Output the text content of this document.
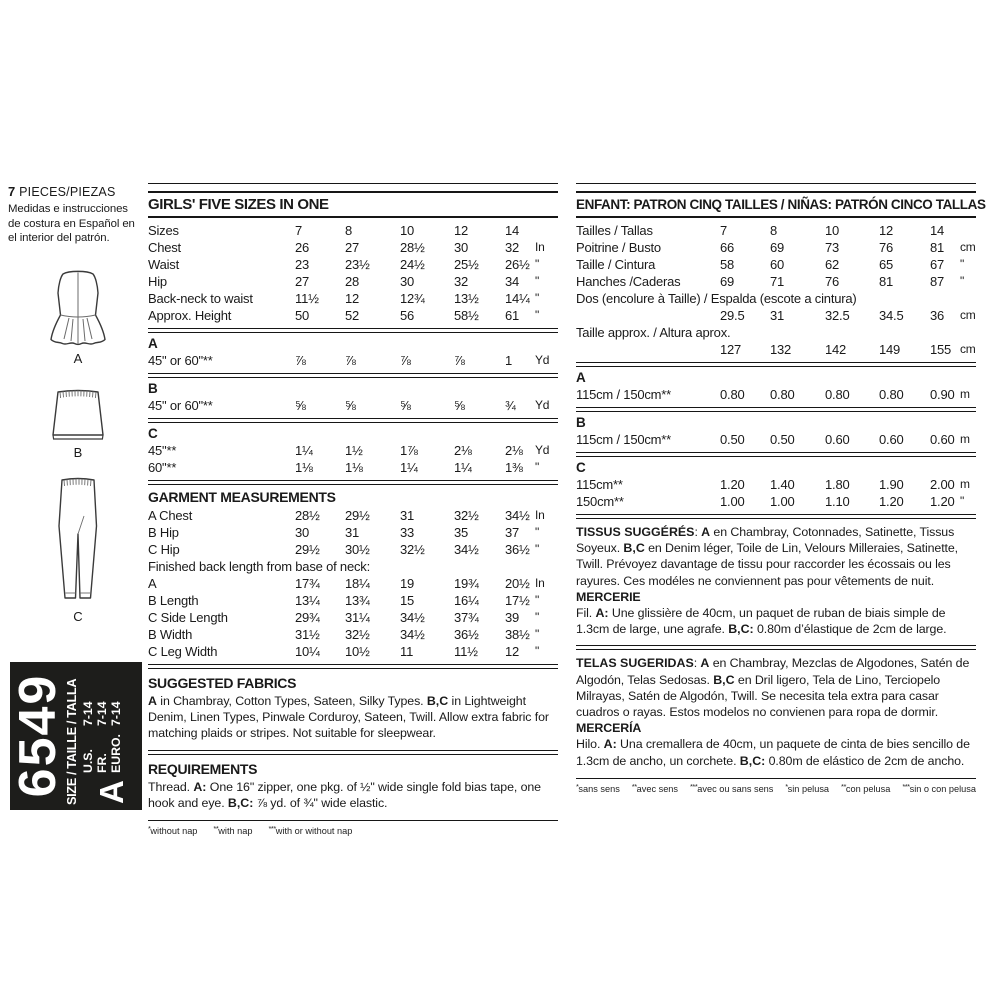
7 PIECES/PIEZAS
Medidas e instrucciones de costura en Español en el interior del patrón.
A
B
C
6549
SIZE / TAILLE / TALLA U.S.
7-14
FR.
7-14
EURO.
7-14
A
GIRLS' FIVE SIZES IN ONE
Sizes	7	8	10	12	14
Chest	26	27	28½	30	32	In
Waist	23	23½	24½	25½	26½ "
Hip	27	28	30	32	34	"
Back-neck to waist	11½	12	12¾	13½	14¼ "
Approx. Height	50	52	56	58½	61	"
A
45" or 60"**	⅞	⅞	⅞	⅞	1	Yd
B
45" or 60"**	⅝	⅝	⅝	⅝	¾	Yd
C
45"**	1¼	1½	1⅞	2⅛	2⅛	Yd
60"**	1⅛	1⅛	1¼	1¼	1⅜	"
GARMENT MEASUREMENTS
A Chest	28½	29½	31	32½	34½ In
B Hip	30	31	33	35	37	"
C Hip	29½	30½	32½	34½	36½ "
Finished back length from base of neck:
A	17¾	18¼	19	19¾	20½ In
B Length	13¼	13¾	15	16¼	17½ "
C Side Length	29¾	31¼	34½	37¾	39	"
B Width	31½	32½	34½	36½	38½ "
C Leg Width	10¼	10½	11	11½	12	"
SUGGESTED FABRICS
A in Chambray, Cotton Types, Sateen, Silky Types. B,C in Lightweight Denim, Linen Types, Pinwale Corduroy, Sateen, Twill. Allow extra fabric for matching plaids or stripes. Not suitable for sleepwear.
REQUIREMENTS
Thread. A: One 16" zipper, one pkg. of ½" wide single fold bias tape, one hook and eye. B,C: ⅞ yd. of ¾" wide elastic.
*without nap **with nap ***with or without nap
ENFANT: PATRON CINQ TAILLES / NIÑAS: PATRÓN CINCO TALLAS
Tailles / Tallas	7	8	10	12	14
Poitrine / Busto	66	69	73	76	81	cm
Taille / Cintura	58	60	62	65	67	"
Hanches /Caderas	69	71	76	81	87	"
Dos (encolure à Taille) / Espalda (escote a cintura)
29.5	31	32.5	34.5	36	cm
Taille approx. / Altura aprox.
127	132	142	149	155 cm
A
115cm / 150cm**	0.80	0.80	0.80	0.80	0.90 m
B
115cm / 150cm**	0.50	0.50	0.60	0.60	0.60 m
C
115cm**	1.20	1.40	1.80	1.90	2.00 m
150cm**	1.00	1.00	1.10	1.20	1.20 "
TISSUS SUGGÉRÉS: A en Chambray, Cotonnades, Satinette, Tissus Soyeux. B,C en Denim léger, Toile de Lin, Velours Milleraies, Satinette, Twill. Prévoyez davantage de tissu pour raccorder les écossais ou les rayures. Ces modéles ne conviennent pas pour vêtements de nuit.
MERCERIE
Fil. A: Une glissière de 40cm, un paquet de ruban de biais simple de 1.3cm de large, une agrafe. B,C: 0.80m d’élastique de 2cm de large.
TELAS SUGERIDAS: A en Chambray, Mezclas de Algodones, Satén de Algodón, Telas Sedosas. B,C en Dril ligero, Tela de Lino, Terciopelo Milrayas, Satén de Algodón, Twill. Se necesita tela extra para casar cuadros o rayas. Estos modelos no convienen para ropa de dormir.
MERCERÍA
Hilo. A: Una cremallera de 40cm, un paquete de cinta de bies sencillo de 1.3cm de ancho, un corchete. B,C: 0.80m de elástico de 2cm de ancho.
*sans sens **avec sens ***avec ou sans sens *sin pelusa **con pelusa ***sin o con pelusa
